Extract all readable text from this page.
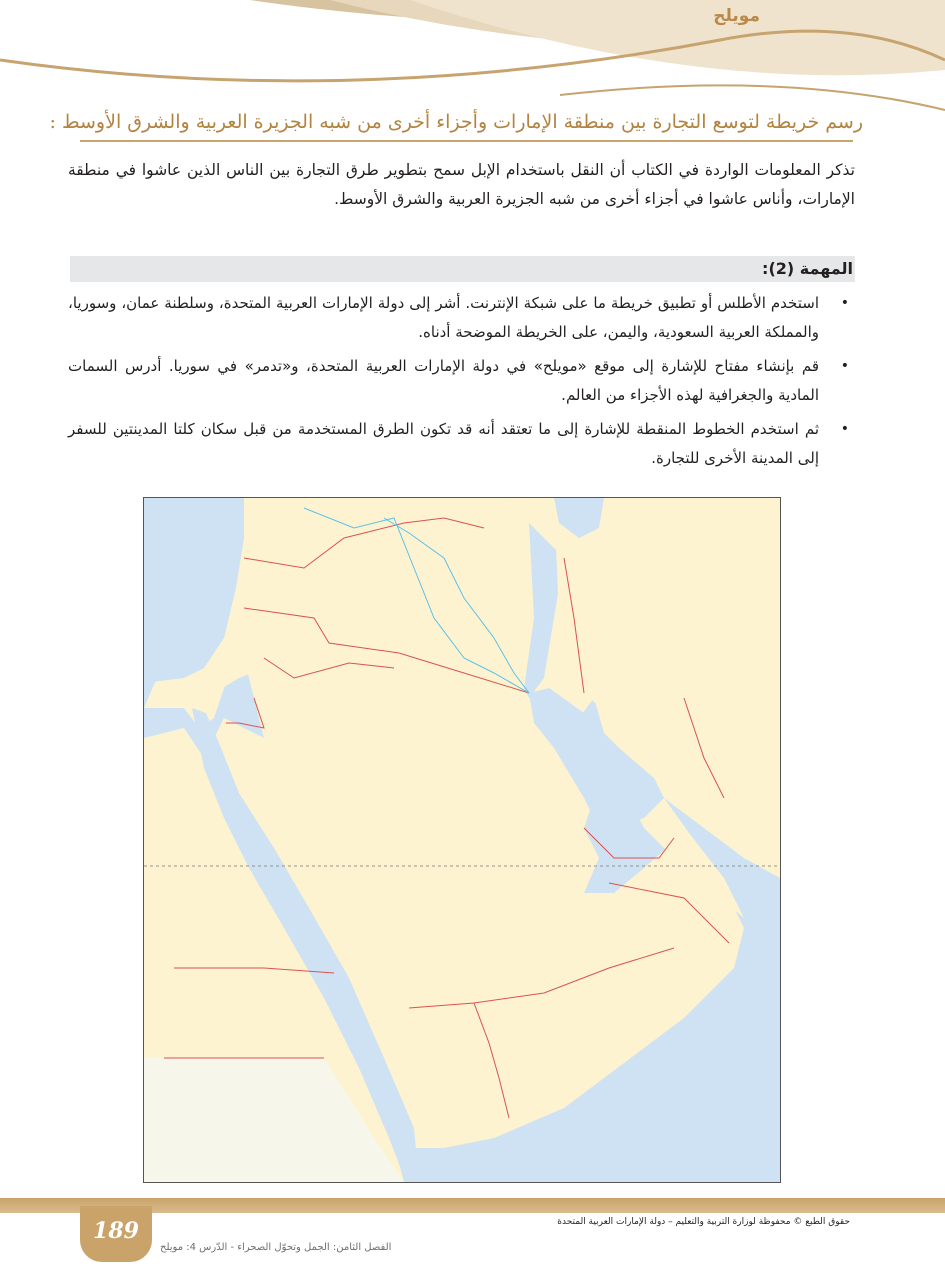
مويلح
رسم خريطة لتوسع التجارة بين منطقة الإمارات وأجزاء أخرى من شبه الجزيرة العربية والشرق الأوسط :
تذكر المعلومات الواردة في الكتاب أن النقل باستخدام الإبل سمح بتطوير طرق التجارة بين الناس الذين عاشوا في منطقة الإمارات، وأناس عاشوا في أجزاء أخرى من شبه الجزيرة العربية والشرق الأوسط.
المهمة (2):
•
استخدم الأطلس أو تطبيق خريطة ما على شبكة الإنترنت. أشر إلى دولة الإمارات العربية المتحدة، وسلطنة عمان، وسوريا، والمملكة العربية السعودية، واليمن، على الخريطة الموضحة أدناه.
•
قم بإنشاء مفتاح للإشارة إلى موقع «مويلح» في دولة الإمارات العربية المتحدة، و«تدمر» في سوريا. أدرس السمات المادية والجغرافية لهذه الأجزاء من العالم.
•
ثم استخدم الخطوط المنقطة للإشارة إلى ما تعتقد أنه قد تكون الطرق المستخدمة من قبل سكان كلتا المدينتين للسفر إلى المدينة الأخرى للتجارة.
189	حقوق الطبع © محفوظة لوزارة التربية والتعليم – دولة الإمارات العربية المتحدة
الفصل الثامن: الجمل وتحوّل الصحراء - الدّرس 4: مويلح
